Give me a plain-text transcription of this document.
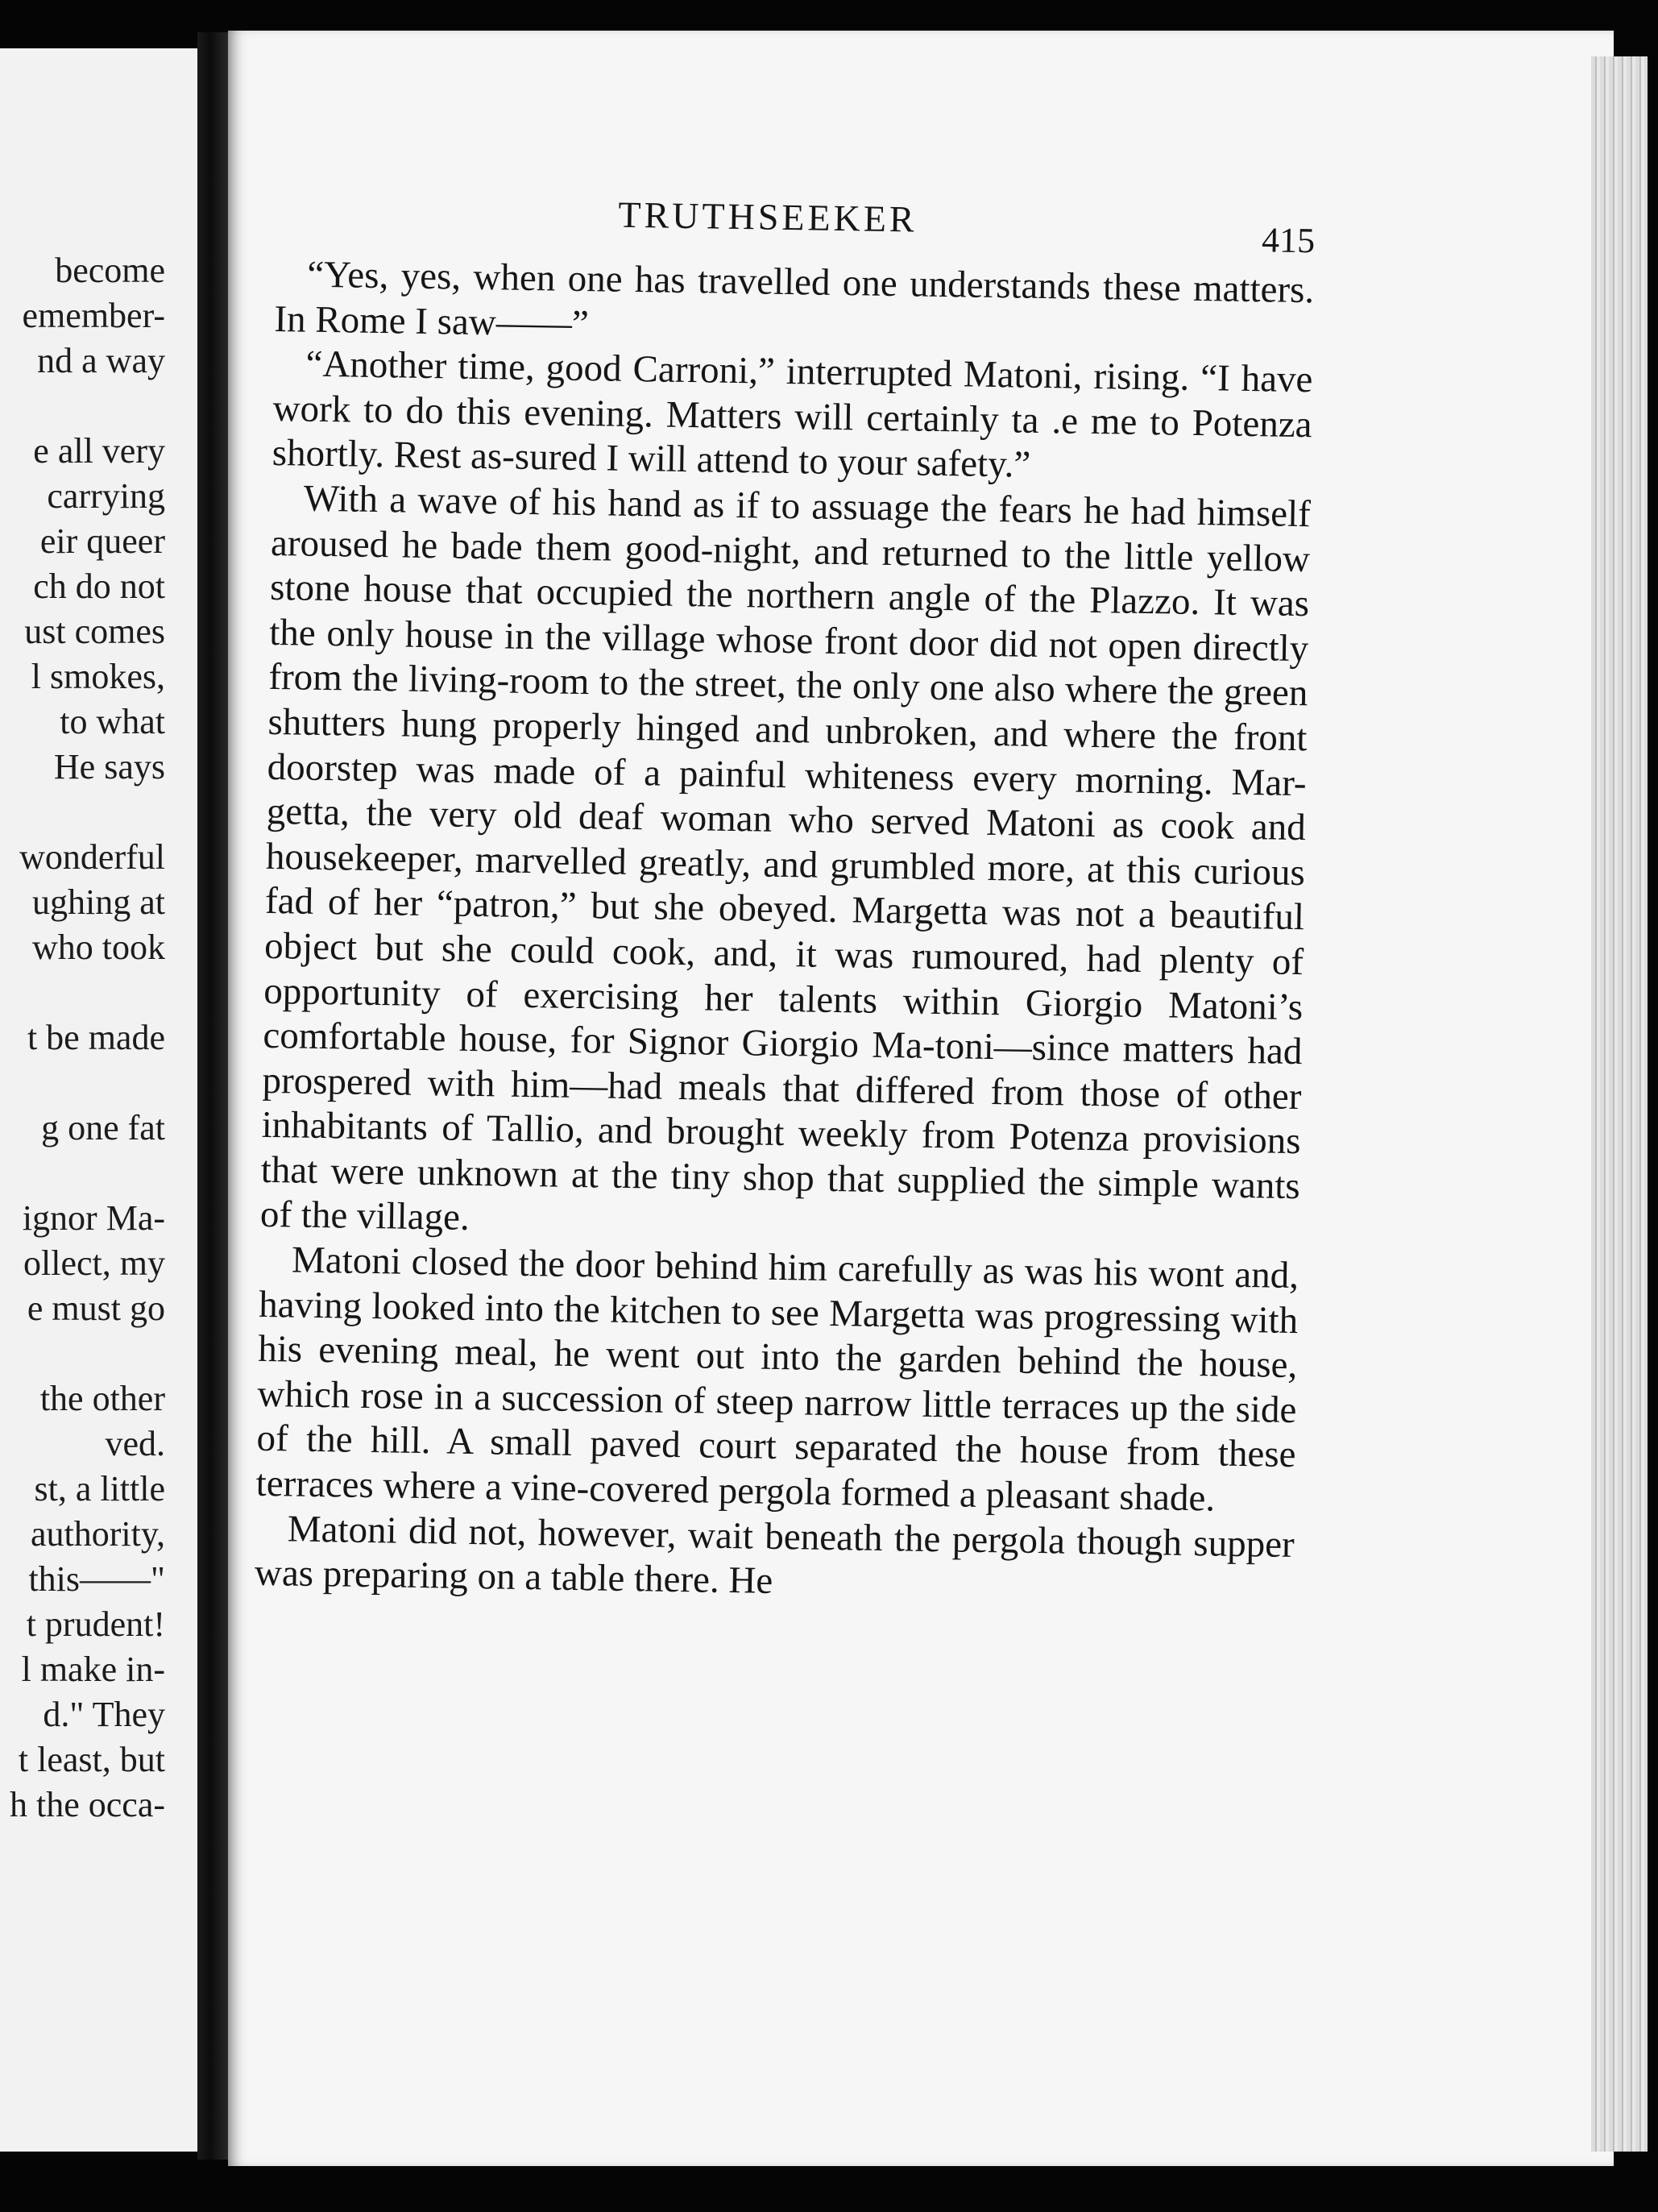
become
emember-
nd a way
e all very
carrying
eir queer
ch do not
ust comes
l smokes,
to what
He says
wonderful
ughing at
who took
t be made
g one fat
ignor Ma-
ollect, my
e must go
the other
ved.
st, a little
authority,
this——"
t prudent!
l make in-
d." They
t least, but
h the occa-
TRUTHSEEKER
415

“Yes, yes, when one has travelled one understands these matters. In Rome I saw——”

“Another time, good Carroni,” interrupted Matoni, rising. “I have work to do this evening. Matters will certainly ta .e me to Potenza shortly. Rest as-sured I will attend to your safety.”

With a wave of his hand as if to assuage the fears he had himself aroused he bade them good-night, and returned to the little yellow stone house that occupied the northern angle of the Plazzo. It was the only house in the village whose front door did not open directly from the living-room to the street, the only one also where the green shutters hung properly hinged and unbroken, and where the front doorstep was made of a painful whiteness every morning. Mar-getta, the very old deaf woman who served Matoni as cook and housekeeper, marvelled greatly, and grumbled more, at this curious fad of her “patron,” but she obeyed. Margetta was not a beautiful object but she could cook, and, it was rumoured, had plenty of opportunity of exercising her talents within Giorgio Matoni’s comfortable house, for Signor Giorgio Ma-toni—since matters had prospered with him—had meals that differed from those of other inhabitants of Tallio, and brought weekly from Potenza provisions that were unknown at the tiny shop that supplied the simple wants of the village.

Matoni closed the door behind him carefully as was his wont and, having looked into the kitchen to see Margetta was progressing with his evening meal, he went out into the garden behind the house, which rose in a succession of steep narrow little terraces up the side of the hill. A small paved court separated the house from these terraces where a vine-covered pergola formed a pleasant shade.

Matoni did not, however, wait beneath the pergola though supper was preparing on a table there. He
